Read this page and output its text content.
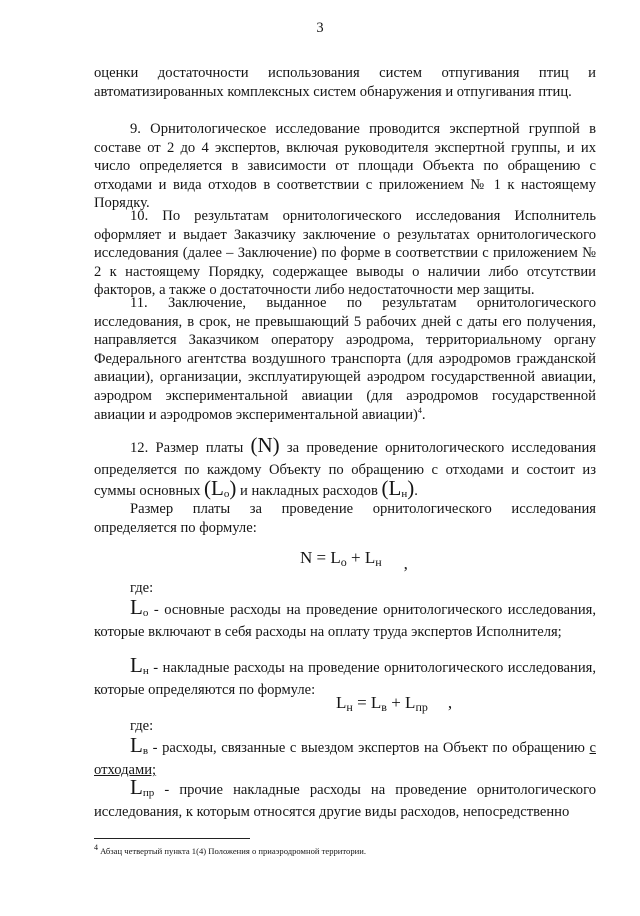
3
оценки достаточности использования систем отпугивания птиц и автоматизированных комплексных систем обнаружения и отпугивания птиц.
9. Орнитологическое исследование проводится экспертной группой в составе от 2 до 4 экспертов, включая руководителя экспертной группы, и их число определяется в зависимости от площади Объекта по обращению с отходами и вида отходов в соответствии с приложением № 1 к настоящему Порядку.
10. По результатам орнитологического исследования Исполнитель оформляет и выдает Заказчику заключение о результатах орнитологического исследования (далее – Заключение) по форме в соответствии с приложением № 2 к настоящему Порядку, содержащее выводы о наличии либо отсутствии факторов, а также о достаточности либо недостаточности мер защиты.
11. Заключение, выданное по результатам орнитологического исследования, в срок, не превышающий 5 рабочих дней с даты его получения, направляется Заказчиком оператору аэродрома, территориальному органу Федерального агентства воздушного транспорта (для аэродромов гражданской авиации), организации, эксплуатирующей аэродром государственной авиации, аэродром экспериментальной авиации (для аэродромов государственной авиации и аэродромов экспериментальной авиации)$^4$.
12. Размер платы (N) за проведение орнитологического исследования определяется по каждому Объекту по обращению с отходами и состоит из суммы основных (Lо) и накладных расходов (Lн).
Размер платы за проведение орнитологического исследования определяется по формуле:
N = Lо + Lн ,
где:
Lо - основные расходы на проведение орнитологического исследования, которые включают в себя расходы на оплату труда экспертов Исполнителя;
Lн - накладные расходы на проведение орнитологического исследования, которые определяются по формуле:
Lн = Lв + Lпр ,
где:
Lв - расходы, связанные с выездом экспертов на Объект по обращению с отходами;
Lпр - прочие накладные расходы на проведение орнитологического исследования, к которым относятся другие виды расходов, непосредственно
$^4$ Абзац четвертый пункта 1(4) Положения о приаэродромной территории.
